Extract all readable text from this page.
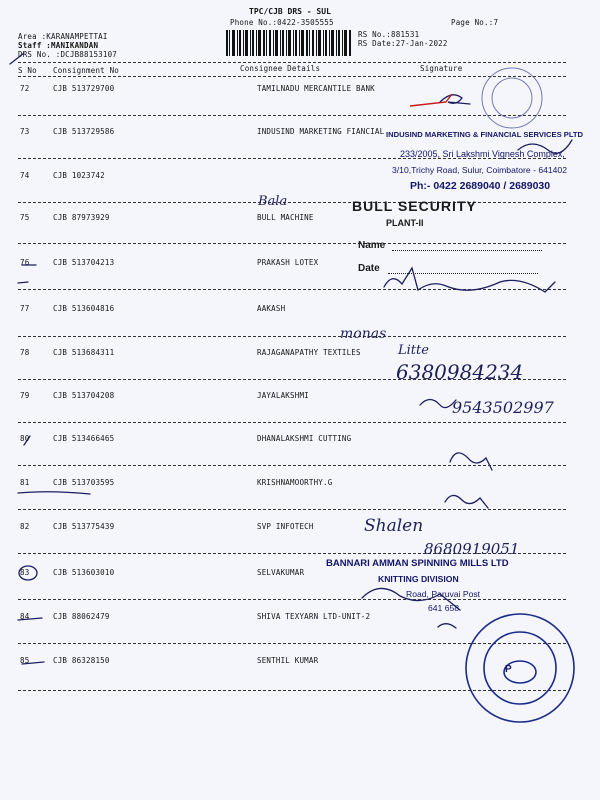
TPC/CJB DRS - SUL
Phone No.:0422-3505555	Page No.:7
Area :KARANAMPETTAI
Staff :MANIKANDAN
DRS No. :DCJB88153107
RS No.:881531
RS Date:27-Jan-2022
S No Consignment No	Consignee Details	Signature
72	CJB 513729700	TAMILNADU MERCANTILE BANK
73	CJB 513729586	INDUSIND MARKETING FIANCIAL
74	CJB 1023742
75	CJB 87973929	BULL MACHINE
76	CJB 513704213	PRAKASH LOTEX
77	CJB 513604816	AAKASH
78	CJB 513684311	RAJAGANAPATHY TEXTILES
79	CJB 513704208	JAYALAKSHMI
80	CJB 513466465	DHANALAKSHMI CUTTING
81	CJB 513703595	KRISHNAMOORTHY.G
82	CJB 513775439	SVP INFOTECH
83	CJB 513603010	SELVAKUMAR
84	CJB 88062479	SHIVA TEXYARN LTD-UNIT-2
85	CJB 86328150	SENTHIL KUMAR
INDUSIND MARKETING & FINANCIAL SERVICES PLTD
233/2005, Sri Lakshmi Vignesh Complex,
3/10,Trichy Road, Sulur, Coimbatore - 641402
Ph:- 0422 2689040 / 2689030
BULL SECURITY
PLANT-II
Name
Date
BANNARI AMMAN SPINNING MILLS LTD
KNITTING DIVISION
Road, Paruvai Post
641 658
P
Bala
monas
Litte
6380984234
9543502997
Shalen
8680919051
